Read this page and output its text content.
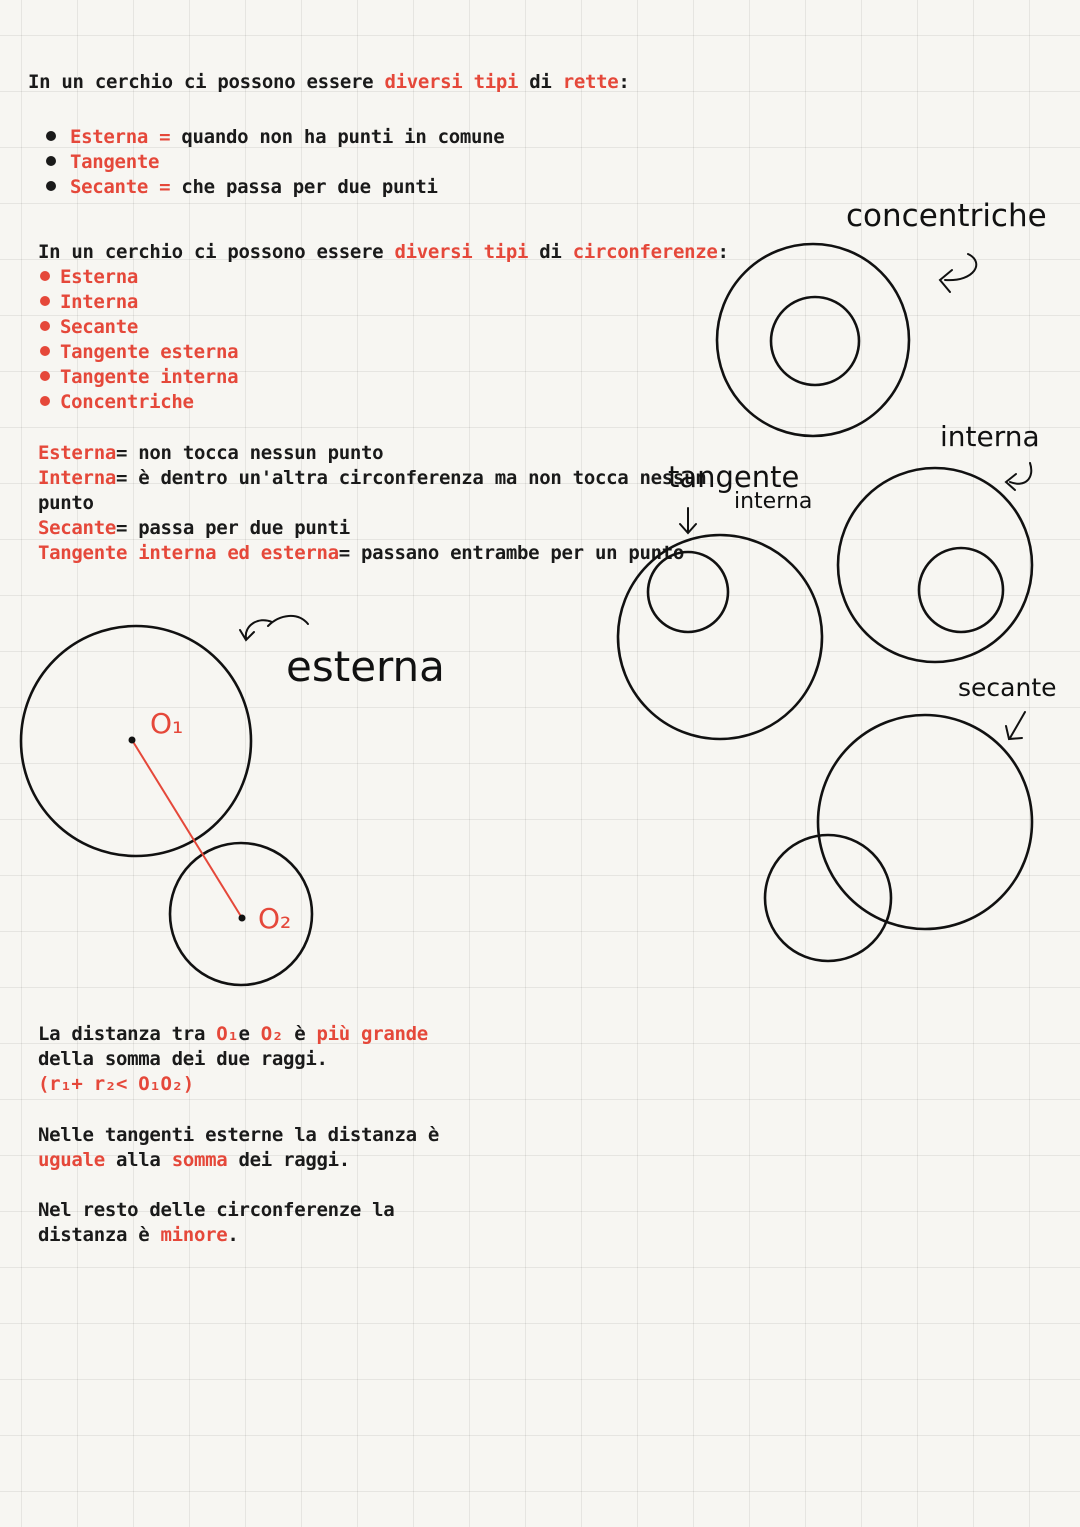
In un cerchio ci possono essere diversi tipi di rette:
Esterna = quando non ha punti in comune
Tangente
Secante = che passa per due punti
In un cerchio ci possono essere diversi tipi di circonferenze:
Esterna
Interna
Secante
Tangente esterna
Tangente interna
Concentriche
Esterna= non tocca nessun punto
Interna= è dentro un'altra circonferenza ma non tocca nessun
punto
Secante= passa per due punti
Tangente interna ed esterna= passano entrambe per un punto
concentriche
interna
tangente
interna
secante
esterna
O₁
O₂
La distanza tra O₁e O₂ è più grande
della somma dei due raggi.
(r₁+ r₂< O₁O₂)
Nelle tangenti esterne la distanza è
uguale alla somma dei raggi.
Nel resto delle circonferenze la
distanza è minore.
